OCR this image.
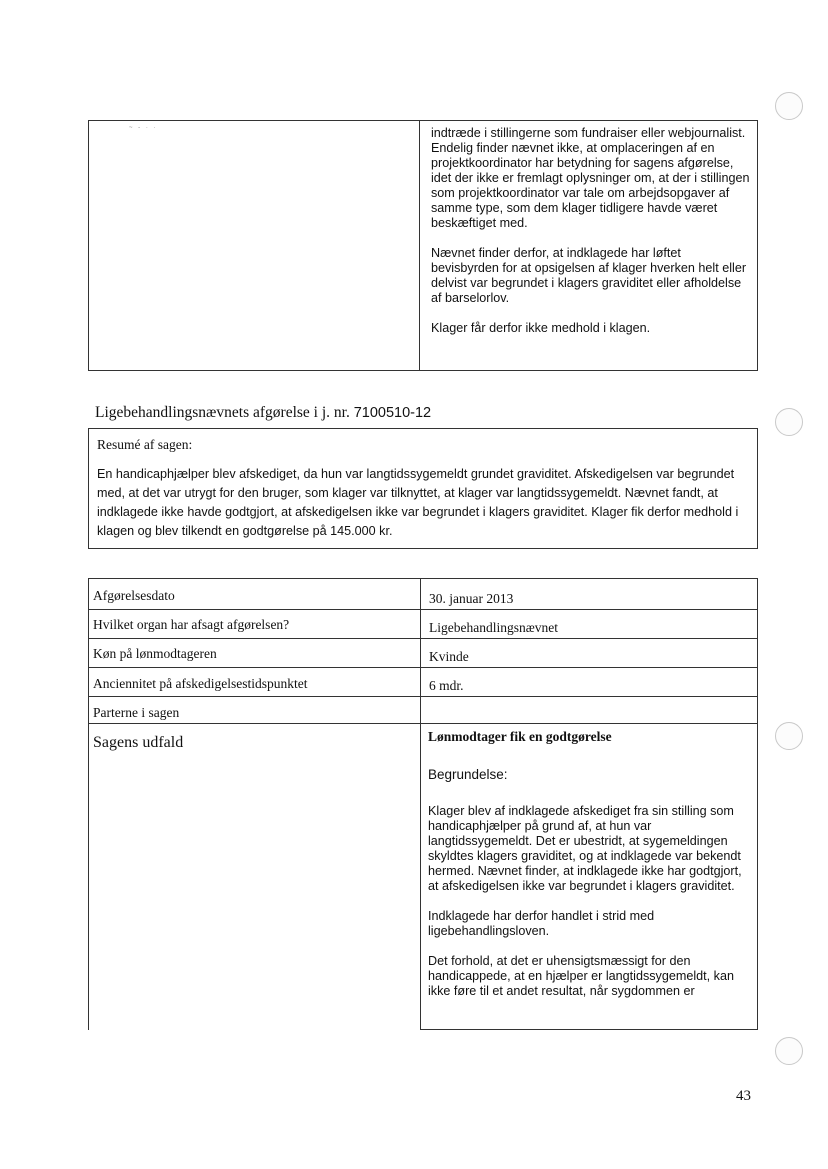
~ - · ·	indtræde i stillingerne som fundraiser eller webjournalist. Endelig finder nævnet ikke, at omplaceringen af en projektkoordinator har betydning for sagens afgørelse, idet der ikke er fremlagt oplysninger om, at der i stillingen som projektkoordinator var tale om arbejdsopgaver af samme type, som dem klager tidligere havde været beskæftiget med.

Nævnet finder derfor, at indklagede har løftet bevisbyrden for at opsigelsen af klager hverken helt eller delvist var begrundet i klagers graviditet eller afholdelse af barselorlov.

Klager får derfor ikke medhold i klagen.

Ligebehandlingsnævnets afgørelse i j. nr. 7100510-12
Resumé af sagen:
En handicaphjælper blev afskediget, da hun var langtidssygemeldt grundet graviditet. Afskedigelsen var begrundet med, at det var utrygt for den bruger, som klager var tilknyttet, at klager var langtidssygemeldt. Nævnet fandt, at indklagede ikke havde godtgjort, at afskedigelsen ikke var begrundet i klagers graviditet. Klager fik derfor medhold i klagen og blev tilkendt en godtgørelse på 145.000 kr.
Afgørelsesdato	30. januar 2013
Hvilket organ har afsagt afgørelsen?	Ligebehandlingsnævnet
Køn på lønmodtageren	Kvinde
Anciennitet på afskedigelsestidspunktet	6 mdr.
Parterne i sagen
Sagens udfald	Lønmodtager fik en godtgørelse
Begrundelse:

Klager blev af indklagede afskediget fra sin stilling som handicaphjælper på grund af, at hun var langtidssygemeldt. Det er ubestridt, at sygemeldingen skyldtes klagers graviditet, og at indklagede var bekendt hermed. Nævnet finder, at indklagede ikke har godtgjort, at afskedigelsen ikke var begrundet i klagers graviditet.

Indklagede har derfor handlet i strid med ligebehandlingsloven.

Det forhold, at det er uhensigtsmæssigt for den handicappede, at en hjælper er langtidssygemeldt, kan ikke føre til et andet resultat, når sygdommen er

43
